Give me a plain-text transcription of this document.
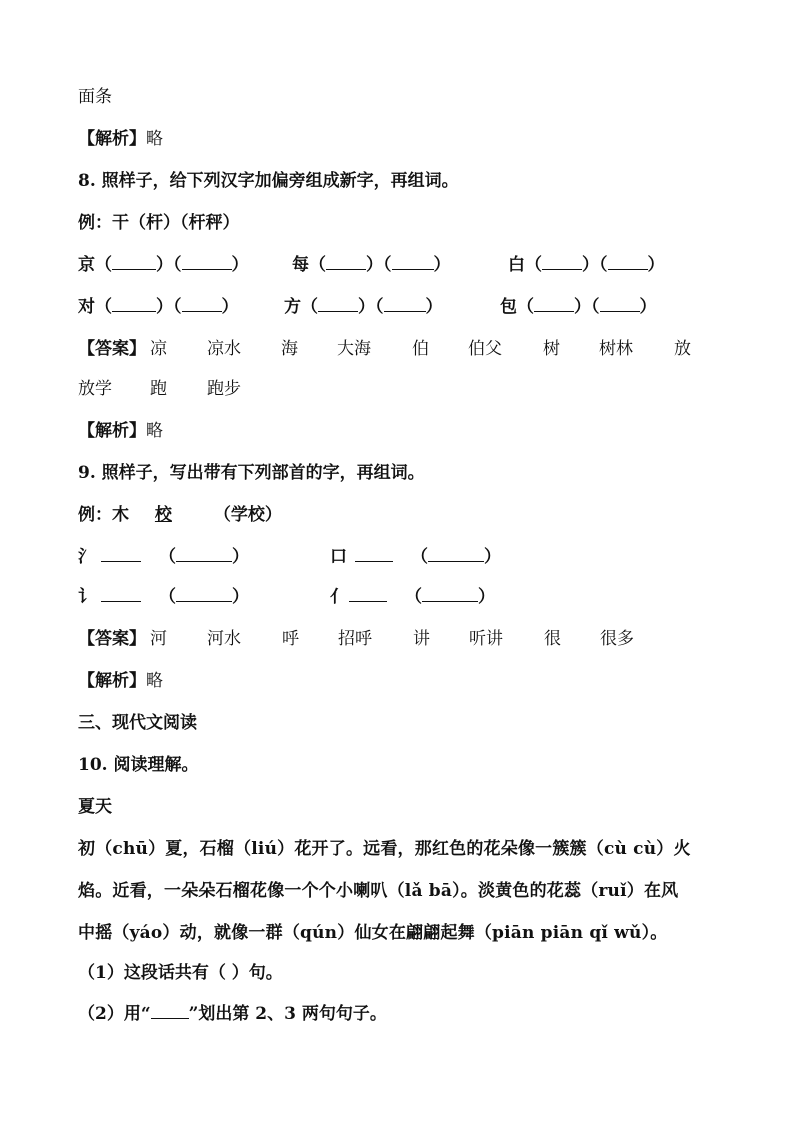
面条
【解析】略
8. 照样子，给下列汉字加偏旁组成新字，再组词。
例：干（杆）（杆秤）
京（	）（	）	每（ ）（ ）	白（ ）（ ）
对（	）（ ）	方（ ）（ ）	包（ ）（ ）
【答案】 凉 凉水 海 大海 伯 伯父 树 树林 放
放学 跑 跑步
【解析】略
9. 照样子，写出带有下列部首的字，再组词。
例：木 校 （学校）
氵	（	）	口	（	）
讠	（	）	亻	（	）
【答案】 河 河水 呼 招呼 讲 听讲 很 很多
【解析】略
三、现代文阅读
10. 阅读理解。
夏天
初（chū）夏，石榴（liú）花开了。远看，那红色的花朵像一簇簇（cù cù）火
焰。近看，一朵朵石榴花像一个个小喇叭（lǎ bā）。淡黄色的花蕊（ruǐ）在风
中摇（yáo）动，就像一群（qún）仙女在翩翩起舞（piān piān qǐ wǔ）。
（1）这段话共有（ ）句。
（2）用“ ”划出第 2、3 两句句子。
